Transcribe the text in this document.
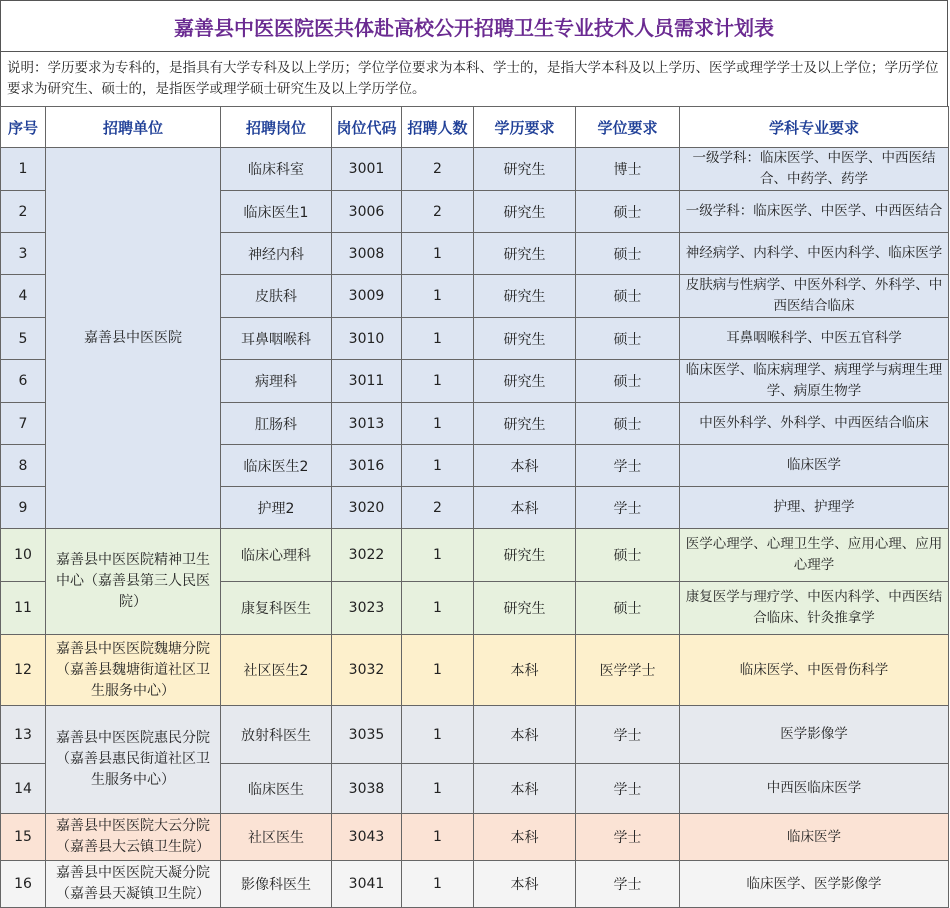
嘉善县中医医院医共体赴高校公开招聘卫生专业技术人员需求计划表
说明：学历要求为专科的，是指具有大学专科及以上学历；学位学位要求为本科、学士的，是指大学本科及以上学历、医学或理学学士及以上学位；学历学位要求为研究生、硕士的，是指医学或理学硕士研究生及以上学历学位。
序号	招聘单位	招聘岗位	岗位代码	招聘人数	学历要求	学位要求	学科专业要求
1	嘉善县中医医院	临床科室	3001	2	研究生	博士	一级学科：临床医学、中医学、中西医结合、中药学、药学
2		临床医生1	3006	2	研究生	硕士	一级学科：临床医学、中医学、中西医结合
3		神经内科	3008	1	研究生	硕士	神经病学、内科学、中医内科学、临床医学
4		皮肤科	3009	1	研究生	硕士	皮肤病与性病学、中医外科学、外科学、中西医结合临床
5		耳鼻咽喉科	3010	1	研究生	硕士	耳鼻咽喉科学、中医五官科学
6		病理科	3011	1	研究生	硕士	临床医学、临床病理学、病理学与病理生理学、病原生物学
7		肛肠科	3013	1	研究生	硕士	中医外科学、外科学、中西医结合临床
8		临床医生2	3016	1	本科	学士	临床医学
9		护理2	3020	2	本科	学士	护理、护理学
10	嘉善县中医医院精神卫生中心（嘉善县第三人民医院）	临床心理科	3022	1	研究生	硕士	医学心理学、心理卫生学、应用心理、应用心理学
11		康复科医生	3023	1	研究生	硕士	康复医学与理疗学、中医内科学、中西医结合临床、针灸推拿学
12	嘉善县中医医院魏塘分院（嘉善县魏塘街道社区卫生服务中心）	社区医生2	3032	1	本科	医学学士	临床医学、中医骨伤科学
13	嘉善县中医医院惠民分院（嘉善县惠民街道社区卫生服务中心）	放射科医生	3035	1	本科	学士	医学影像学
14		临床医生	3038	1	本科	学士	中西医临床医学
15	嘉善县中医医院大云分院（嘉善县大云镇卫生院）	社区医生	3043	1	本科	学士	临床医学
16	嘉善县中医医院天凝分院（嘉善县天凝镇卫生院）	影像科医生	3041	1	本科	学士	临床医学、医学影像学
